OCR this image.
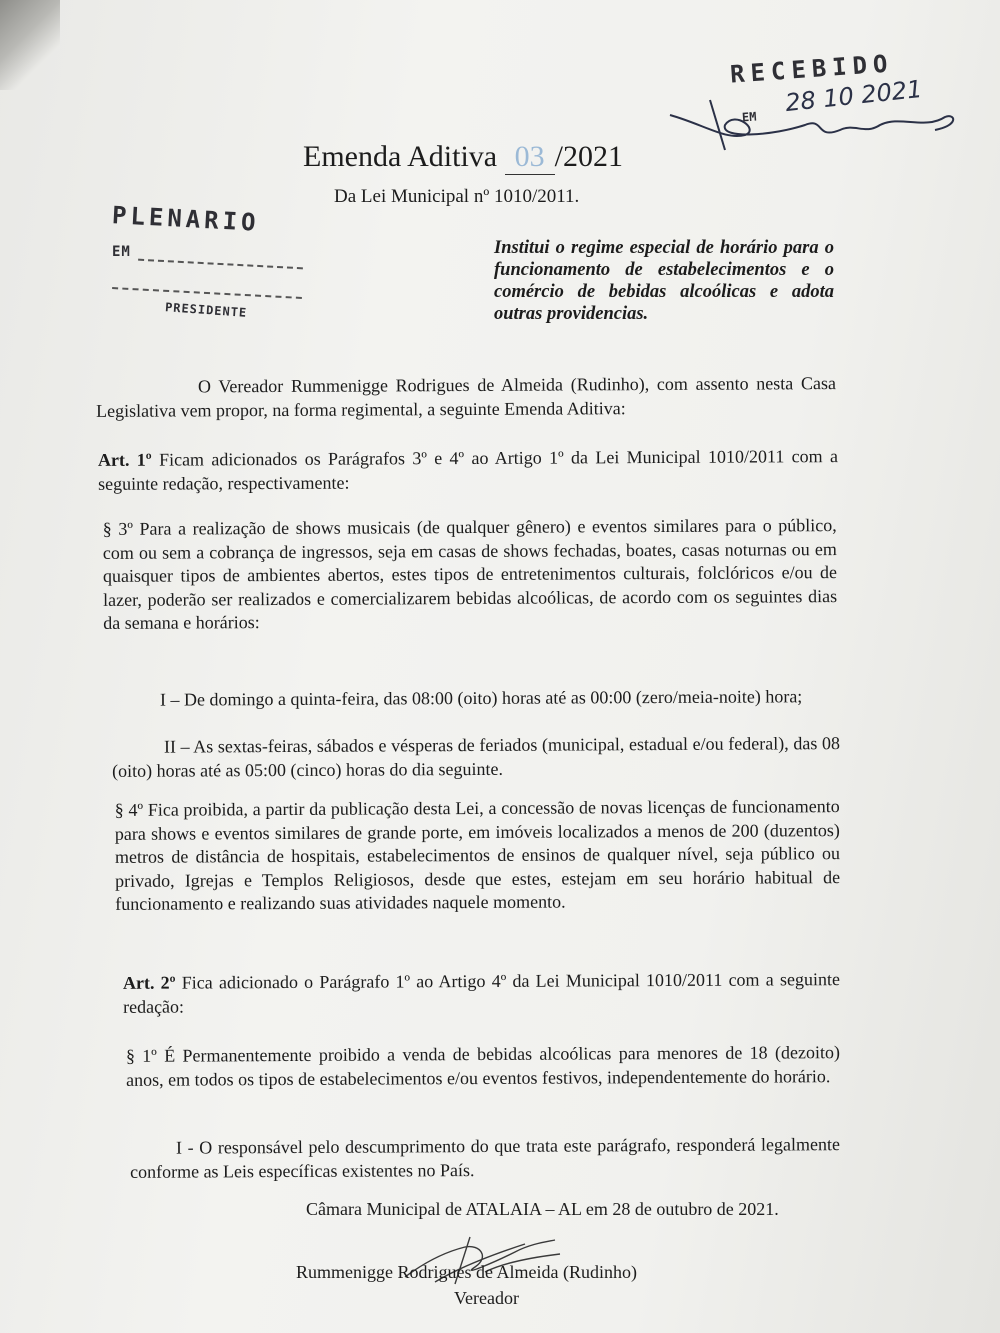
RECEBIDO
EM 28 10 2021
Emenda Aditiva 03 /2021
Da Lei Municipal nº 1010/2011.
PLENARIO
EM
PRESIDENTE
Institui o regime especial de horário para o funcionamento de estabelecimentos e o comércio de bebidas alcoólicas e adota outras providencias.

O Vereador Rummenigge Rodrigues de Almeida (Rudinho), com assento nesta Casa Legislativa vem propor, na forma regimental, a seguinte Emenda Aditiva:

Art. 1º Ficam adicionados os Parágrafos 3º e 4º ao Artigo 1º da Lei Municipal 1010/2011 com a seguinte redação, respectivamente:

§ 3º Para a realização de shows musicais (de qualquer gênero) e eventos similares para o público, com ou sem a cobrança de ingressos, seja em casas de shows fechadas, boates, casas noturnas ou em quaisquer tipos de ambientes abertos, estes tipos de entretenimentos culturais, folclóricos e/ou de lazer, poderão ser realizados e comercializarem bebidas alcoólicas, de acordo com os seguintes dias da semana e horários:

I – De domingo a quinta-feira, das 08:00 (oito) horas até as 00:00 (zero/meia-noite) hora;

II – As sextas-feiras, sábados e vésperas de feriados (municipal, estadual e/ou federal), das 08 (oito) horas até as 05:00 (cinco) horas do dia seguinte.

§ 4º Fica proibida, a partir da publicação desta Lei, a concessão de novas licenças de funcionamento para shows e eventos similares de grande porte, em imóveis localizados a menos de 200 (duzentos) metros de distância de hospitais, estabelecimentos de ensinos de qualquer nível, seja público ou privado, Igrejas e Templos Religiosos, desde que estes, estejam em seu horário habitual de funcionamento e realizando suas atividades naquele momento.

Art. 2º Fica adicionado o Parágrafo 1º ao Artigo 4º da Lei Municipal 1010/2011 com a seguinte redação:

§ 1º É Permanentemente proibido a venda de bebidas alcoólicas para menores de 18 (dezoito) anos, em todos os tipos de estabelecimentos e/ou eventos festivos, independentemente do horário.

I - O responsável pelo descumprimento do que trata este parágrafo, responderá legalmente conforme as Leis específicas existentes no País.

Câmara Municipal de ATALAIA – AL em 28 de outubro de 2021.
Rummenigge Rodrigues de Almeida (Rudinho)
Vereador
